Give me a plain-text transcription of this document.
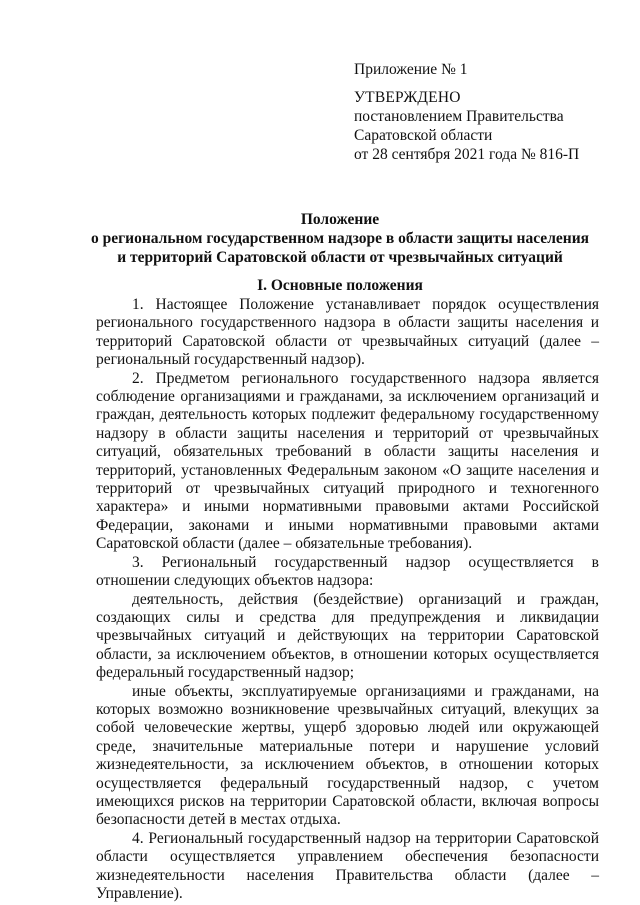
Приложение № 1
УТВЕРЖДЕНО
постановлением Правительства
Саратовской области
от 28 сентября 2021 года № 816-П
Положение
о региональном государственном надзоре в области защиты населения
и территорий Саратовской области от чрезвычайных ситуаций
I. Основные положения

1. Настоящее Положение устанавливает порядок осуществления регионального государственного надзора в области защиты населения и территорий Саратовской области от чрезвычайных ситуаций (далее – региональный государственный надзор).

2. Предметом регионального государственного надзора является соблюдение организациями и гражданами, за исключением организаций и граждан, деятельность которых подлежит федеральному государственному надзору в области защиты населения и территорий от чрезвычайных ситуаций, обязательных требований в области защиты населения и территорий, установленных Федеральным законом «О защите населения и территорий от чрезвычайных ситуаций природного и техногенного характера» и иными нормативными правовыми актами Российской Федерации, законами и иными нормативными правовыми актами Саратовской области (далее – обязательные требования).

3. Региональный государственный надзор осуществляется в отношении следующих объектов надзора:

деятельность, действия (бездействие) организаций и граждан, создающих силы и средства для предупреждения и ликвидации чрезвычайных ситуаций и действующих на территории Саратовской области, за исключением объектов, в отношении которых осуществляется федеральный государственный надзор;

иные объекты, эксплуатируемые организациями и гражданами, на которых возможно возникновение чрезвычайных ситуаций, влекущих за собой человеческие жертвы, ущерб здоровью людей или окружающей среде, значительные материальные потери и нарушение условий жизнедеятельности, за исключением объектов, в отношении которых осуществляется федеральный государственный надзор, с учетом имеющихся рисков на территории Саратовской области, включая вопросы безопасности детей в местах отдыха.

4. Региональный государственный надзор на территории Саратовской области осуществляется управлением обеспечения безопасности жизнедеятельности населения Правительства области (далее – Управление).
